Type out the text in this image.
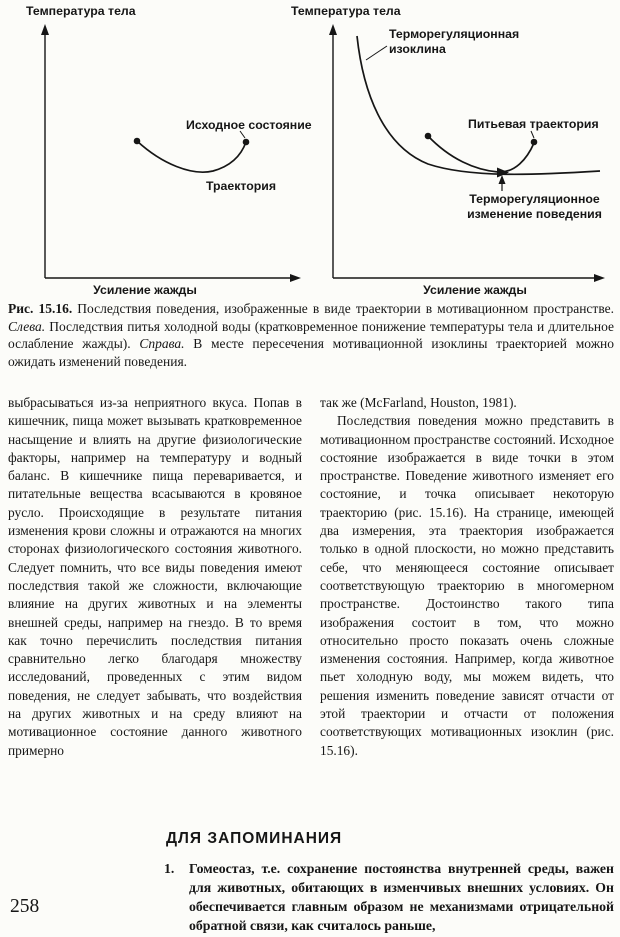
Температура тела
Исходное состояние
Траектория
Усиление жажды
Температура тела
Терморегуляционная изоклина
Питьевая траектория
Терморегуляционное изменение поведения
Усиление жажды

Рис. 15.16. Последствия поведения, изображенные в виде траектории в мотивационном пространстве. Слева. Последствия питья холодной воды (кратковременное понижение температуры тела и длительное ослабление жажды). Справа. В месте пересечения мотивационной изоклины траекторией можно ожидать изменений поведения.

выбрасываться из-за неприятного вкуса. Попав в кишечник, пища может вызывать кратковременное насыщение и влиять на другие физиологические факторы, например на температуру и водный баланс. В кишечнике пища переваривается, и питательные вещества всасываются в кровяное русло. Происходящие в результате питания изменения крови сложны и отражаются на многих сторонах физиологического состояния животного. Следует помнить, что все виды поведения имеют последствия такой же сложности, включающие влияние на других животных и на элементы внешней среды, например на гнездо. В то время как точно перечислить последствия питания сравнительно легко благодаря множеству исследований, проведенных с этим видом поведения, не следует забывать, что воздействия на других животных и на среду влияют на мотивационное состояние данного животного примерно

так же (McFarland, Houston, 1981).

Последствия поведения можно представить в мотивационном пространстве состояний. Исходное состояние изображается в виде точки в этом пространстве. Поведение животного изменяет его состояние, и точка описывает некоторую траекторию (рис. 15.16). На странице, имеющей два измерения, эта траектория изображается только в одной плоскости, но можно представить себе, что меняющееся состояние описывает соответствующую траекторию в многомерном пространстве. Достоинство такого типа изображения состоит в том, что можно относительно просто показать очень сложные изменения состояния. Например, когда животное пьет холодную воду, мы можем видеть, что решения изменить поведение зависят отчасти от этой траектории и отчасти от положения соответствующих мотивационных изоклин (рис. 15.16).

ДЛЯ ЗАПОМИНАНИЯ
1.	Гомеостаз, т.е. сохранение постоянства внутренней среды, важен для животных, обитающих в изменчивых внешних условиях. Он обеспечивается главным образом не механизмами отрицательной обратной связи, как считалось раньше,
258
